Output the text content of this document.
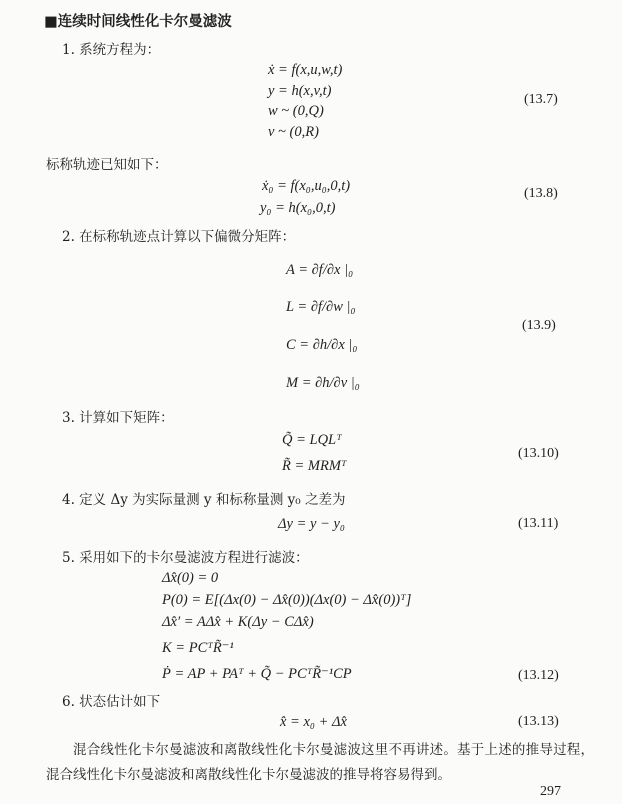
■连续时间线性化卡尔曼滤波
1. 系统方程为：
ẋ = f(x,u,w,t)
y = h(x,v,t)
w ~ (0,Q)
v ~ (0,R)
(13.7)
标称轨迹已知如下：
ẋ₀ = f(x₀,u₀,0,t)
y₀ = h(x₀,0,t)
(13.8)
2. 在标称轨迹点计算以下偏微分矩阵：
A = ∂f/∂x |₀
L = ∂f/∂w |₀
C = ∂h/∂x |₀
M = ∂h/∂v |₀
(13.9)
3. 计算如下矩阵：
Q̃ = LQLᵀ
R̃ = MRMᵀ
(13.10)
4. 定义 Δy 为实际量测 y 和标称量测 y₀ 之差为
Δy = y − y₀	(13.11)
5. 采用如下的卡尔曼滤波方程进行滤波：
Δx̂(0) = 0
P(0) = E[(Δx(0) − Δx̂(0))(Δx(0) − Δx̂(0))ᵀ]
Δx̂′ = AΔx̂ + K(Δy − CΔx̂)
K = PCᵀR̃⁻¹
Ṗ = AP + PAᵀ + Q̃ − PCᵀR̃⁻¹CP	(13.12)
6. 状态估计如下
x̂ = x₀ + Δx̂	(13.13)
混合线性化卡尔曼滤波和离散线性化卡尔曼滤波这里不再讲述。基于上述的推导过程，混合线性化卡尔曼滤波和离散线性化卡尔曼滤波的推导将容易得到。
297
